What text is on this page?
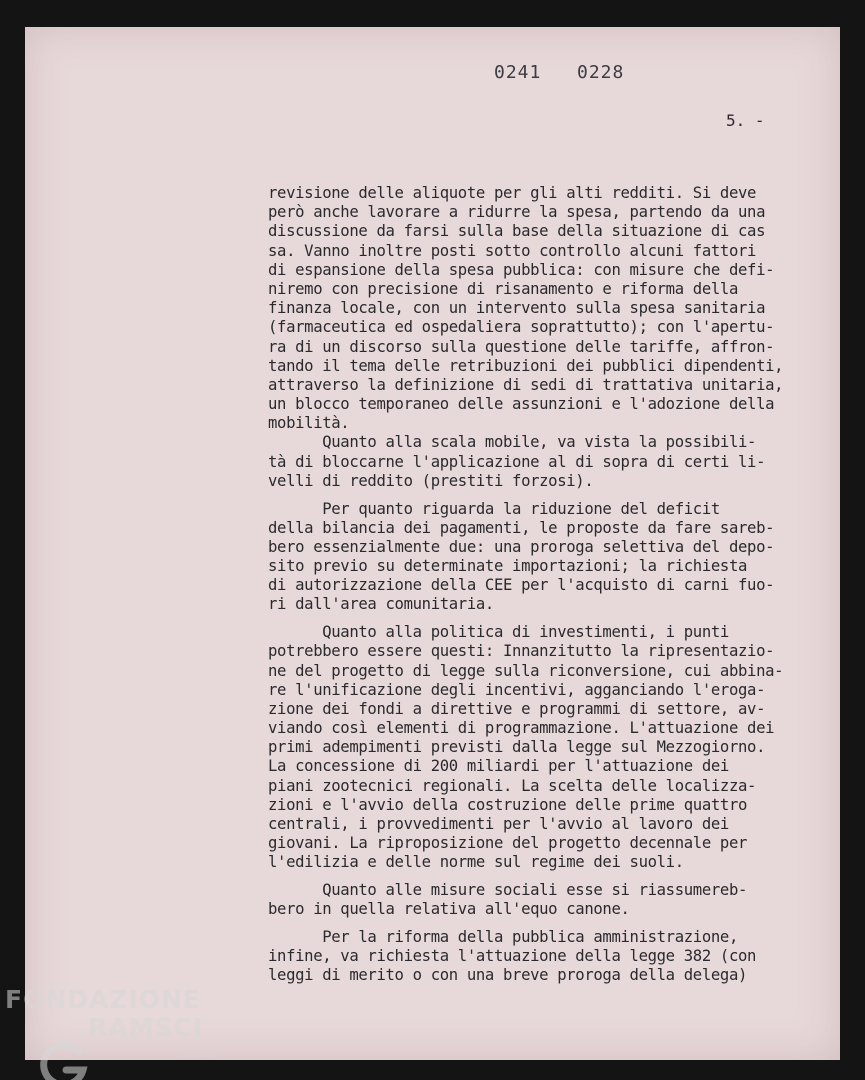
0241 0228
5. -
revisione delle aliquote per gli alti redditi. Si deve
però anche lavorare a ridurre la spesa, partendo da una
discussione da farsi sulla base della situazione di cas
sa. Vanno inoltre posti sotto controllo alcuni fattori
di espansione della spesa pubblica: con misure che defi-
niremo con precisione di risanamento e riforma della
finanza locale, con un intervento sulla spesa sanitaria
(farmaceutica ed ospedaliera soprattutto); con l'apertu-
ra di un discorso sulla questione delle tariffe, affron-
tando il tema delle retribuzioni dei pubblici dipendenti,
attraverso la definizione di sedi di trattativa unitaria,
un blocco temporaneo delle assunzioni e l'adozione della
mobilità.
Quanto alla scala mobile, va vista la possibili-
tà di bloccarne l'applicazione al di sopra di certi li-
velli di reddito (prestiti forzosi).
Per quanto riguarda la riduzione del deficit
della bilancia dei pagamenti, le proposte da fare sareb-
bero essenzialmente due: una proroga selettiva del depo-
sito previo su determinate importazioni; la richiesta
di autorizzazione della CEE per l'acquisto di carni fuo-
ri dall'area comunitaria.
Quanto alla politica di investimenti, i punti
potrebbero essere questi: Innanzitutto la ripresentazio-
ne del progetto di legge sulla riconversione, cui abbina-
re l'unificazione degli incentivi, agganciando l'eroga-
zione dei fondi a direttive e programmi di settore, av-
viando così elementi di programmazione. L'attuazione dei
primi adempimenti previsti dalla legge sul Mezzogiorno.
La concessione di 200 miliardi per l'attuazione dei
piani zootecnici regionali. La scelta delle localizza-
zioni e l'avvio della costruzione delle prime quattro
centrali, i provvedimenti per l'avvio al lavoro dei
giovani. La riproposizione del progetto decennale per
l'edilizia e delle norme sul regime dei suoli.
Quanto alle misure sociali esse si riassumereb-
bero in quella relativa all'equo canone.
Per la riforma della pubblica amministrazione,
infine, va richiesta l'attuazione della legge 382 (con
leggi di merito o con una breve proroga della delega)
FONDAZIONE
RAMSCI
onlus
